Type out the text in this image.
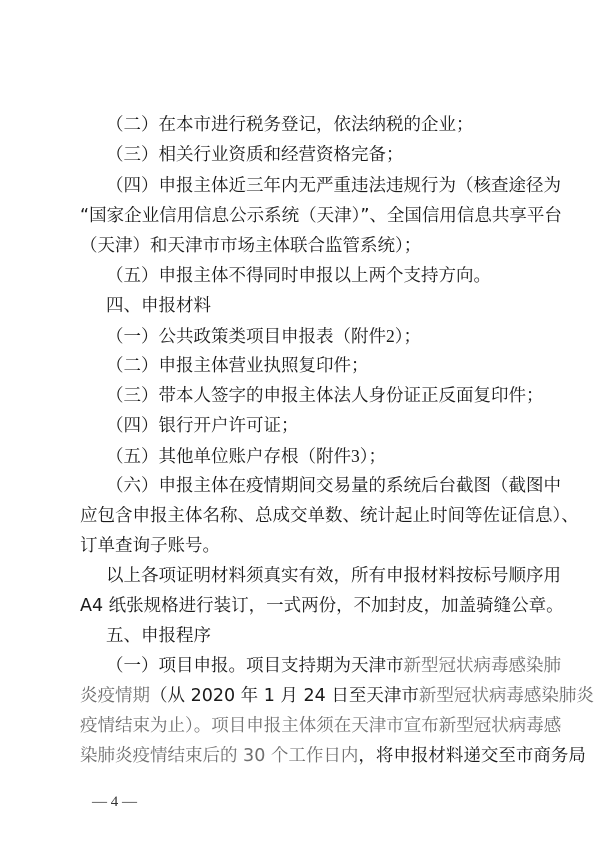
（二）在本市进行税务登记，依法纳税的企业；
（三）相关行业资质和经营资格完备；
（四）申报主体近三年内无严重违法违规行为（核查途径为
“国家企业信用信息公示系统（天津）”、全国信用信息共享平台
（天津）和天津市市场主体联合监管系统）；
（五）申报主体不得同时申报以上两个支持方向。
四、申报材料
（一）公共政策类项目申报表（附件2）；
（二）申报主体营业执照复印件；
（三）带本人签字的申报主体法人身份证正反面复印件；
（四）银行开户许可证；
（五）其他单位账户存根（附件3）；
（六）申报主体在疫情期间交易量的系统后台截图（截图中
应包含申报主体名称、总成交单数、统计起止时间等佐证信息）、
订单查询子账号。
以上各项证明材料须真实有效，所有申报材料按标号顺序用
A4 纸张规格进行装订，一式两份，不加封皮，加盖骑缝公章。
五、申报程序
（一）项目申报。项目支持期为天津市新型冠状病毒感染肺
炎疫情期（从 2020 年 1 月 24 日至天津市新型冠状病毒感染肺炎
疫情结束为止）。项目申报主体须在天津市宣布新型冠状病毒感
染肺炎疫情结束后的 30 个工作日内，将申报材料递交至市商务局
— 4 —
